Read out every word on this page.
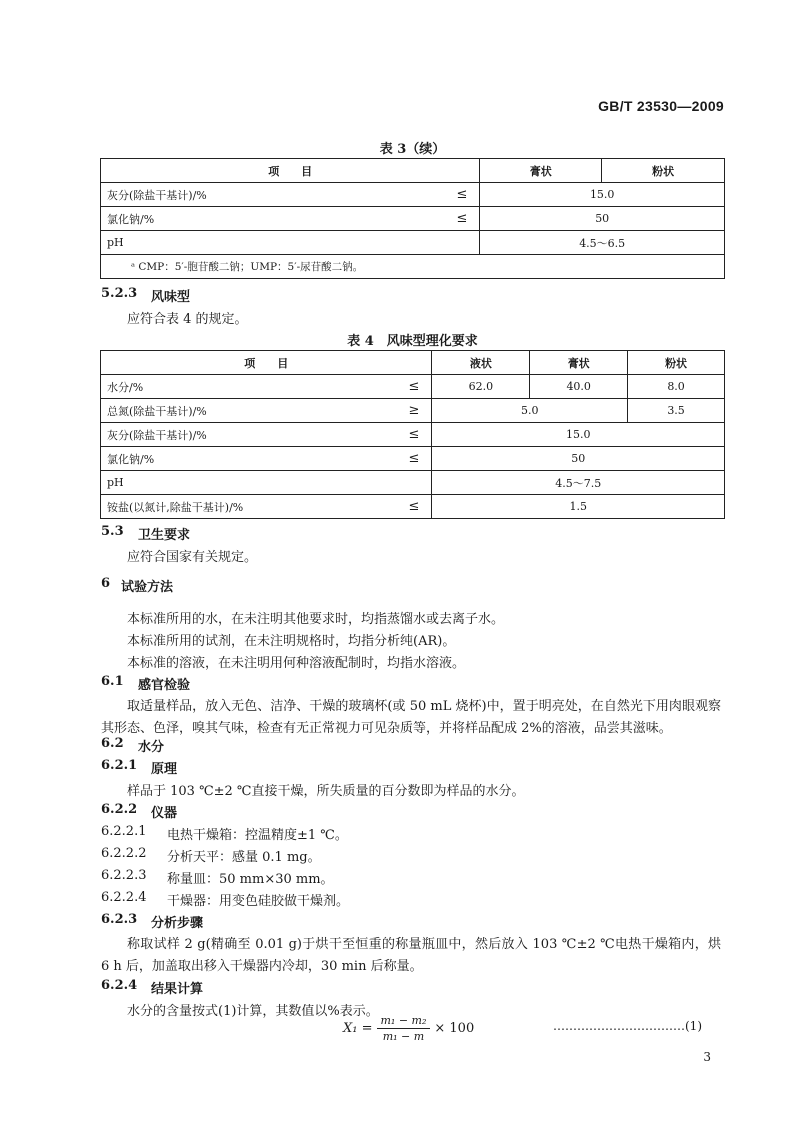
GB/T 23530—2009
表 3（续）
项　　目	膏状	粉状

灰分(除盐干基计)/% ≤	15.0	

氯化钠/% ≤	50	

pH	4.5～6.5	
ᵃ CMP：5′-胞苷酸二钠；UMP：5′-尿苷酸二钠。		
5.2.3 风味型
应符合表 4 的规定。
表 4　风味型理化要求
项　　目	液状	膏状	粉状

水分/% ≤	62.0	40.0	8.0

总氮(除盐干基计)/% ≥	5.0		3.5

灰分(除盐干基计)/% ≤	15.0		

氯化钠/% ≤	50		

pH	4.5～7.5		

铵盐(以氮计,除盐干基计)/% ≤	1.5		
5.3 卫生要求
应符合国家有关规定。
6 试验方法
本标准所用的水，在未注明其他要求时，均指蒸馏水或去离子水。
本标准所用的试剂，在未注明规格时，均指分析纯(AR)。
本标准的溶液，在未注明用何种溶液配制时，均指水溶液。
6.1 感官检验
取适量样品，放入无色、洁净、干燥的玻璃杯(或 50 mL 烧杯)中，置于明亮处，在自然光下用肉眼观察其形态、色泽，嗅其气味，检查有无正常视力可见杂质等，并将样品配成 2%的溶液，品尝其滋味。
6.2 水分
6.2.1 原理
样品于 103 ℃±2 ℃直接干燥，所失质量的百分数即为样品的水分。
6.2.2 仪器
6.2.2.1 电热干燥箱：控温精度±1 ℃。
6.2.2.2 分析天平：感量 0.1 mg。
6.2.2.3 称量皿：50 mm×30 mm。
6.2.2.4 干燥器：用变色硅胶做干燥剂。
6.2.3 分析步骤
称取试样 2 g(精确至 0.01 g)于烘干至恒重的称量瓶皿中，然后放入 103 ℃±2 ℃电热干燥箱内，烘 6 h 后，加盖取出移入干燥器内冷却，30 min 后称量。
6.2.4 结果计算
水分的含量按式(1)计算，其数值以%表示。
$X_1 = \frac{\text{m₁ − m₂}}{\text{m₁ − m}} \times 100$	……………………………(1)
3
